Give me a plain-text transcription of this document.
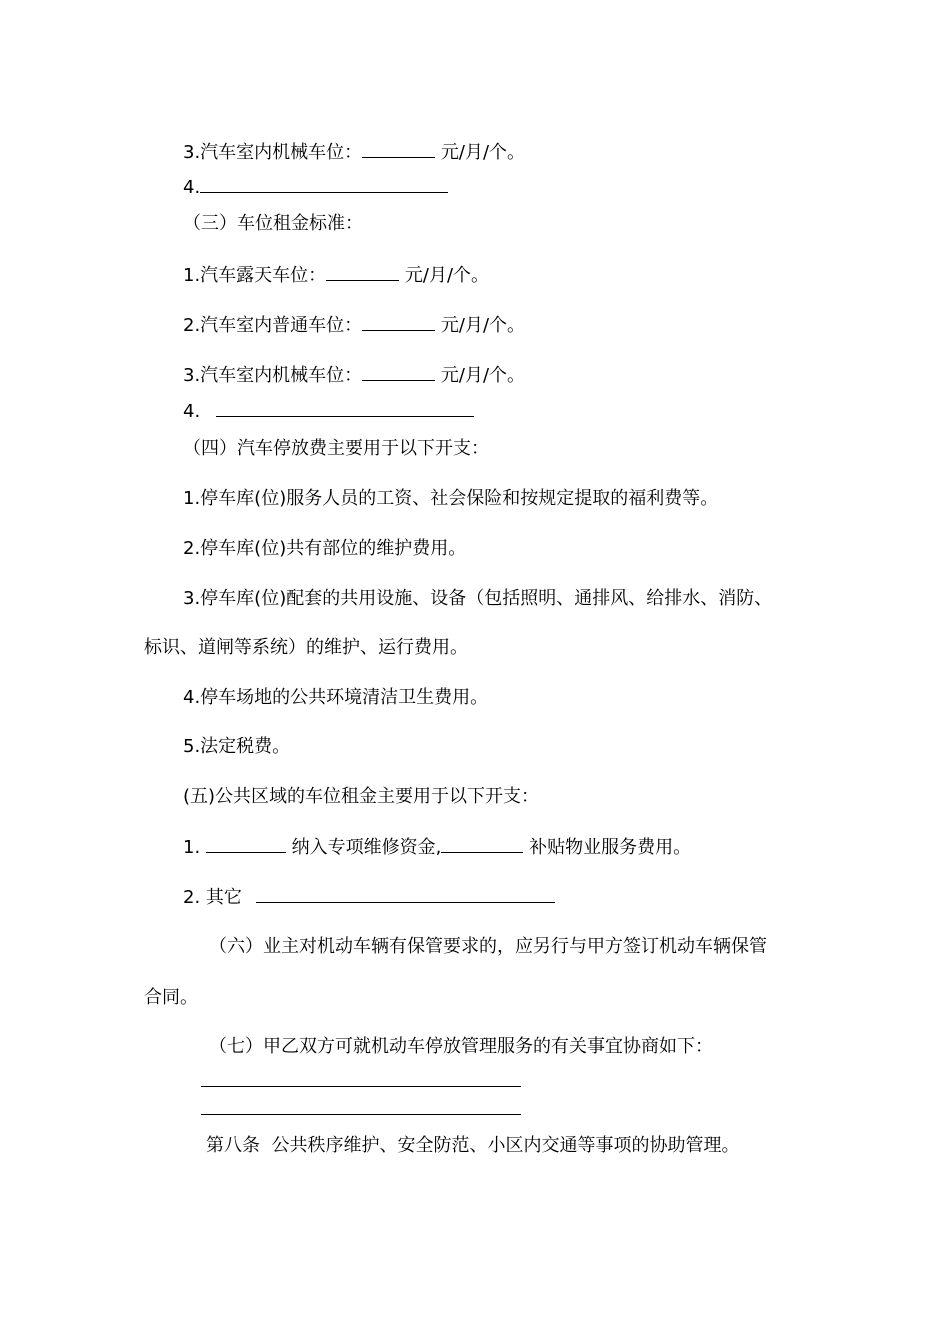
3.汽车室内机械车位：	元/月/个。
4.
（三）车位租金标准：
1.汽车露天车位：	元/月/个。
2.汽车室内普通车位：	元/月/个。
3.汽车室内机械车位：	元/月/个。
4.
（四）汽车停放费主要用于以下开支：
1.停车库(位)服务人员的工资、社会保险和按规定提取的福利费等。
2.停车库(位)共有部位的维护费用。
3.停车库(位)配套的共用设施、设备（包括照明、通排风、给排水、消防、
标识、道闸等系统）的维护、运行费用。
4.停车场地的公共环境清洁卫生费用。
5.法定税费。
(五)公共区域的车位租金主要用于以下开支：
1.	纳入专项维修资金,	补贴物业服务费用。
2. 其它
（六）业主对机动车辆有保管要求的，应另行与甲方签订机动车辆保管
合同。
（七）甲乙双方可就机动车停放管理服务的有关事宜协商如下：
第八条  公共秩序维护、安全防范、小区内交通等事项的协助管理。
